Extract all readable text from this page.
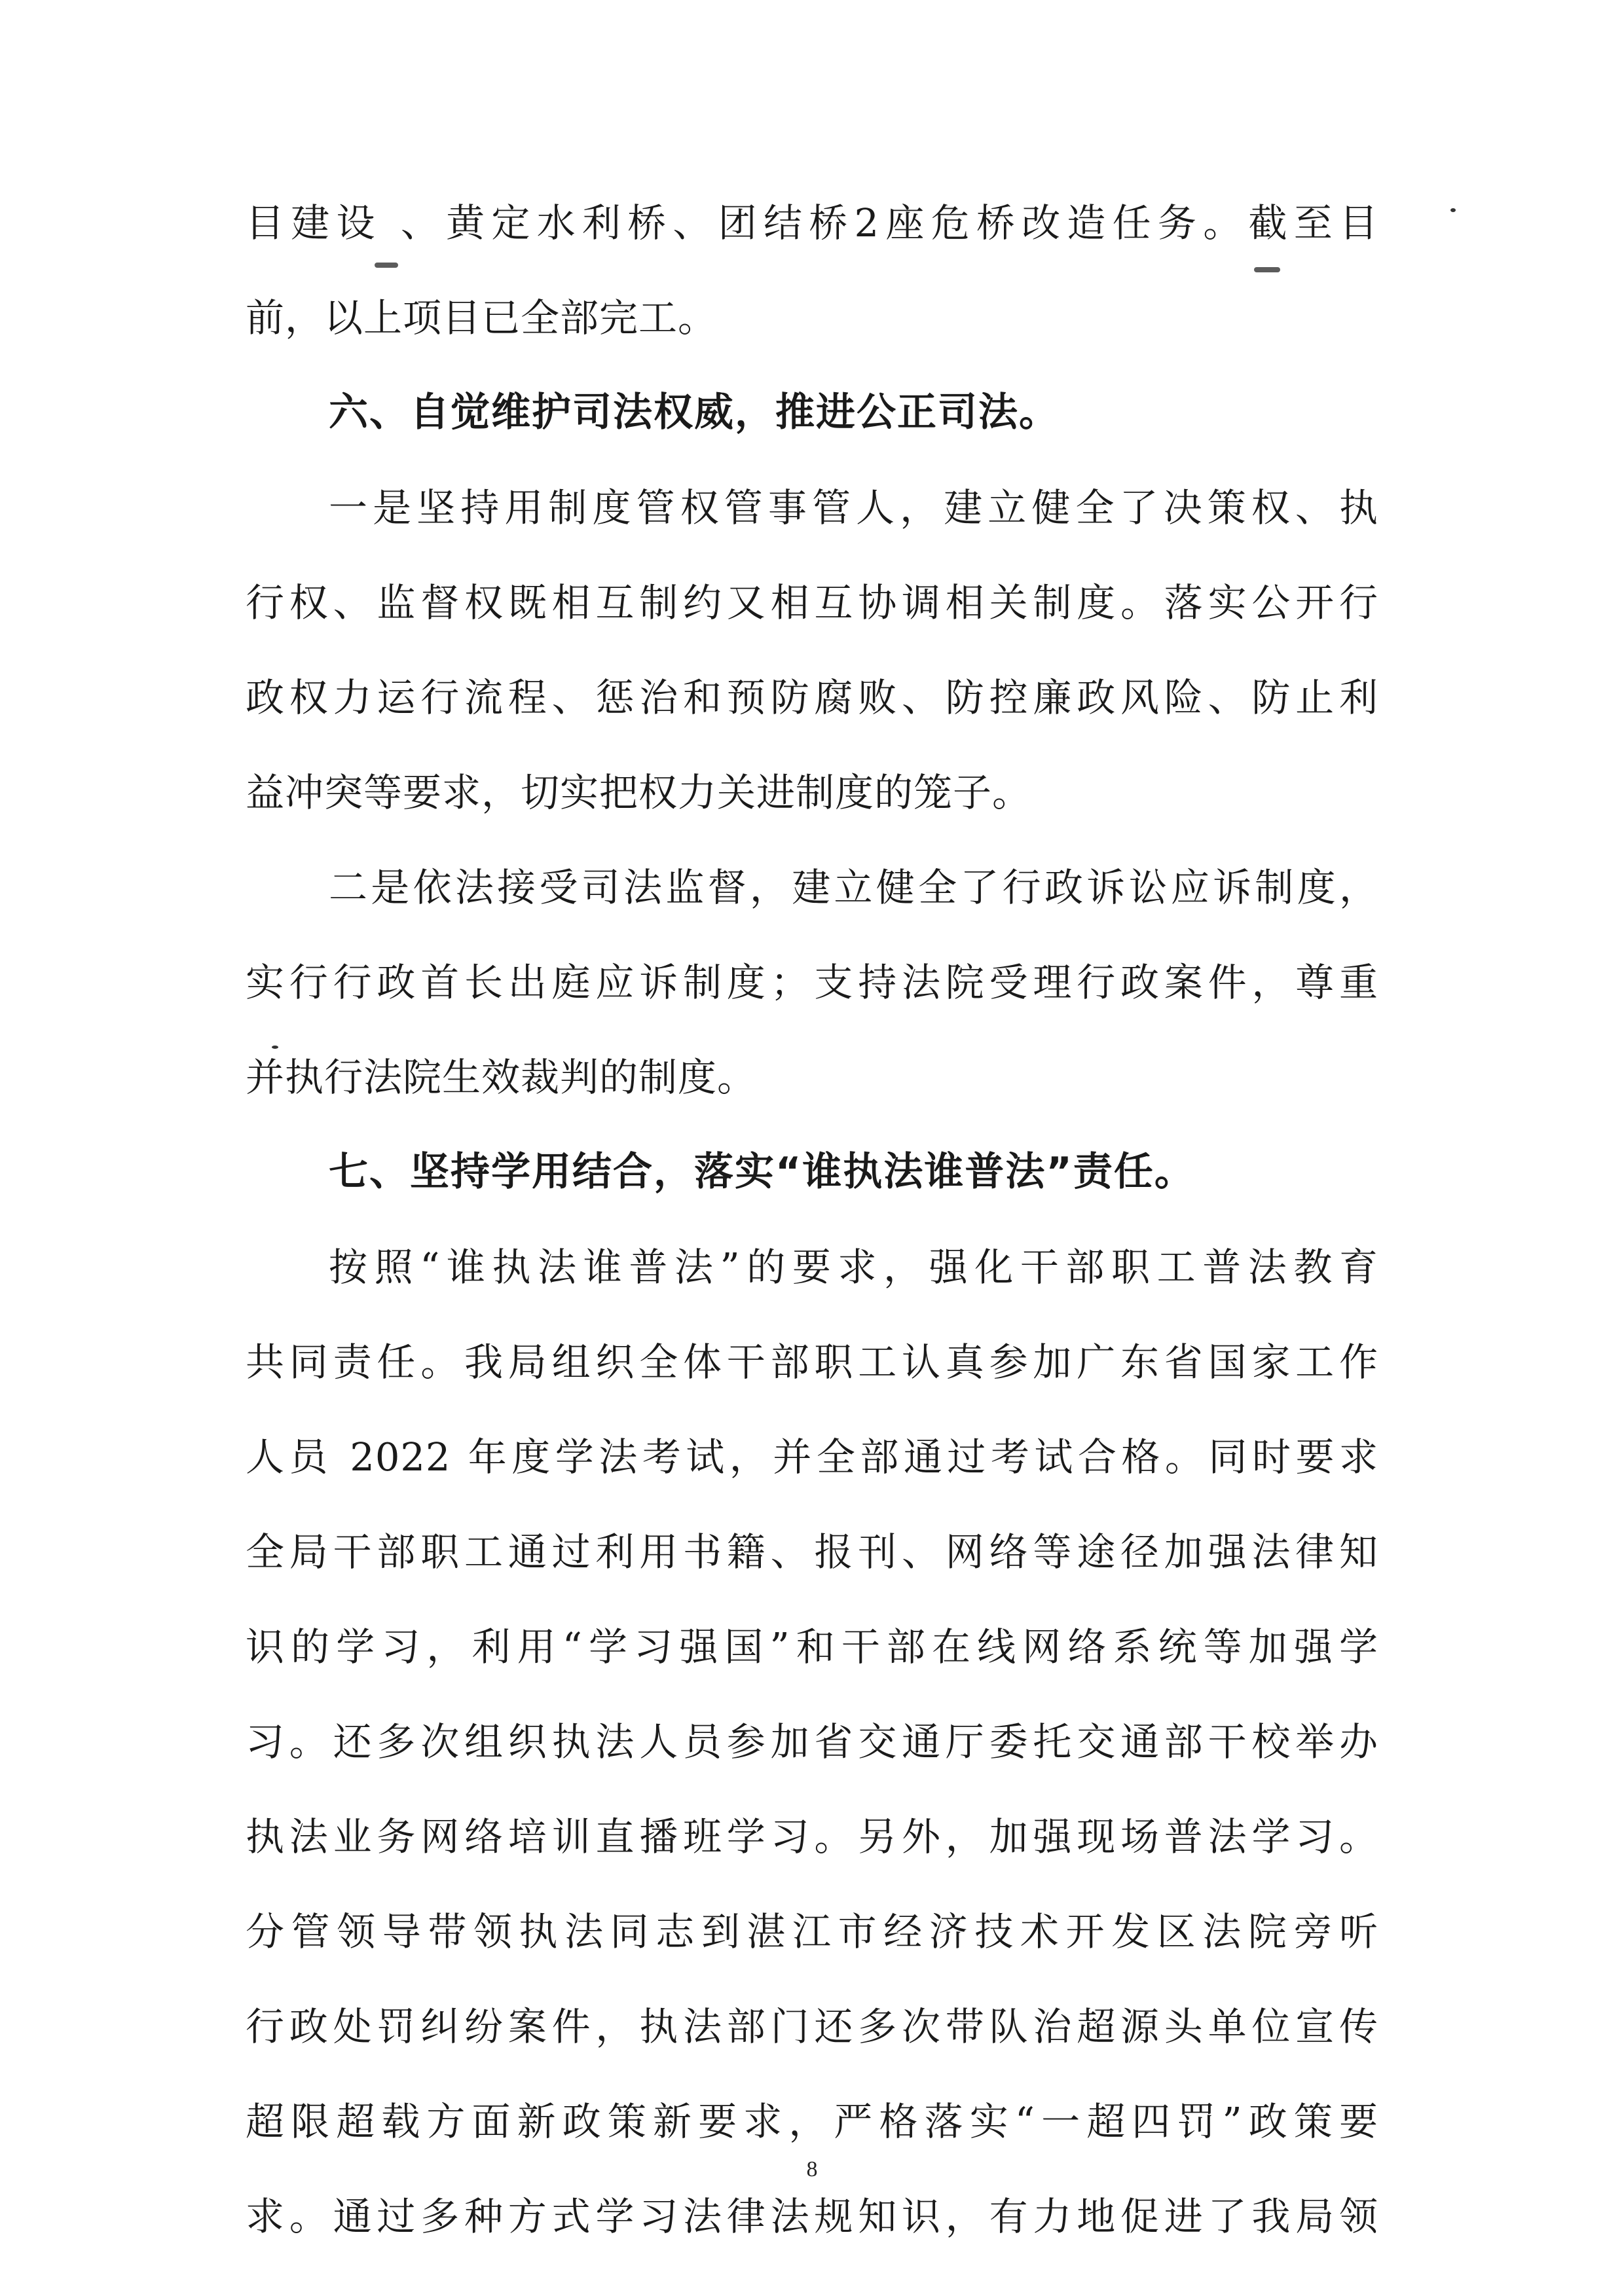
目建设 、黄定水利桥、团结桥2座危桥改造任务。截至目
前，以上项目已全部完工。
六、自觉维护司法权威，推进公正司法。
一是坚持用制度管权管事管人，建立健全了决策权、执
行权、监督权既相互制约又相互协调相关制度。落实公开行
政权力运行流程、惩治和预防腐败、防控廉政风险、防止利
益冲突等要求，切实把权力关进制度的笼子。
二是依法接受司法监督，建立健全了行政诉讼应诉制度，
实行行政首长出庭应诉制度；支持法院受理行政案件，尊重
并执行法院生效裁判的制度。
七、坚持学用结合，落实“谁执法谁普法”责任。
按照“谁执法谁普法”的要求，强化干部职工普法教育
共同责任。我局组织全体干部职工认真参加广东省国家工作
人员 2022 年度学法考试，并全部通过考试合格。同时要求
全局干部职工通过利用书籍、报刊、网络等途径加强法律知
识的学习，利用“学习强国”和干部在线网络系统等加强学
习。还多次组织执法人员参加省交通厅委托交通部干校举办
执法业务网络培训直播班学习。另外，加强现场普法学习。
分管领导带领执法同志到湛江市经济技术开发区法院旁听
行政处罚纠纷案件，执法部门还多次带队治超源头单位宣传
超限超载方面新政策新要求，严格落实“一超四罚”政策要
求。通过多种方式学习法律法规知识，有力地促进了我局领
8
